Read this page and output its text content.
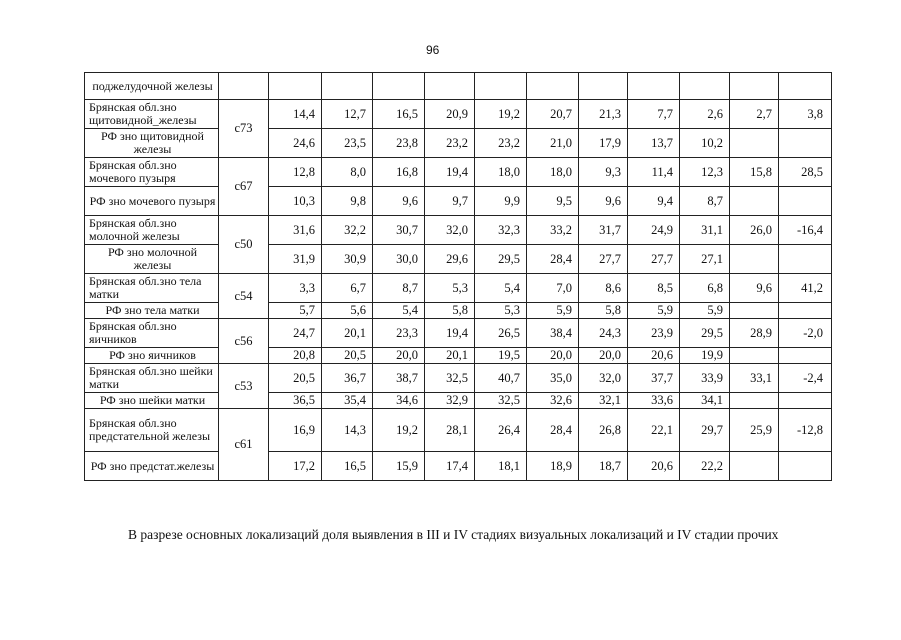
96
поджелудочной железы												
Брянская обл.зно щитовидной_железы	c73	14,4	12,7	16,5	20,9	19,2	20,7	21,3	7,7	2,6	2,7	3,8
РФ зно щитовидной железы		24,6	23,5	23,8	23,2	23,2	21,0	17,9	13,7	10,2		
Брянская обл.зно мочевого пузыря	c67	12,8	8,0	16,8	19,4	18,0	18,0	9,3	11,4	12,3	15,8	28,5
РФ зно мочевого пузыря		10,3	9,8	9,6	9,7	9,9	9,5	9,6	9,4	8,7		
Брянская обл.зно молочной железы	c50	31,6	32,2	30,7	32,0	32,3	33,2	31,7	24,9	31,1	26,0	-16,4
РФ зно молочной железы		31,9	30,9	30,0	29,6	29,5	28,4	27,7	27,7	27,1		
Брянская обл.зно тела матки	c54	3,3	6,7	8,7	5,3	5,4	7,0	8,6	8,5	6,8	9,6	41,2
РФ зно тела матки		5,7	5,6	5,4	5,8	5,3	5,9	5,8	5,9	5,9		
Брянская обл.зно яичников	c56	24,7	20,1	23,3	19,4	26,5	38,4	24,3	23,9	29,5	28,9	-2,0
РФ зно яичников		20,8	20,5	20,0	20,1	19,5	20,0	20,0	20,6	19,9		
Брянская обл.зно шейки матки	c53	20,5	36,7	38,7	32,5	40,7	35,0	32,0	37,7	33,9	33,1	-2,4
РФ зно шейки матки		36,5	35,4	34,6	32,9	32,5	32,6	32,1	33,6	34,1		
Брянская обл.зно предстательной железы	c61	16,9	14,3	19,2	28,1	26,4	28,4	26,8	22,1	29,7	25,9	-12,8
РФ зно предстат.железы		17,2	16,5	15,9	17,4	18,1	18,9	18,7	20,6	22,2		
В разрезе основных локализаций доля выявления в III и IV стадиях визуальных локализаций и IV стадии прочих
